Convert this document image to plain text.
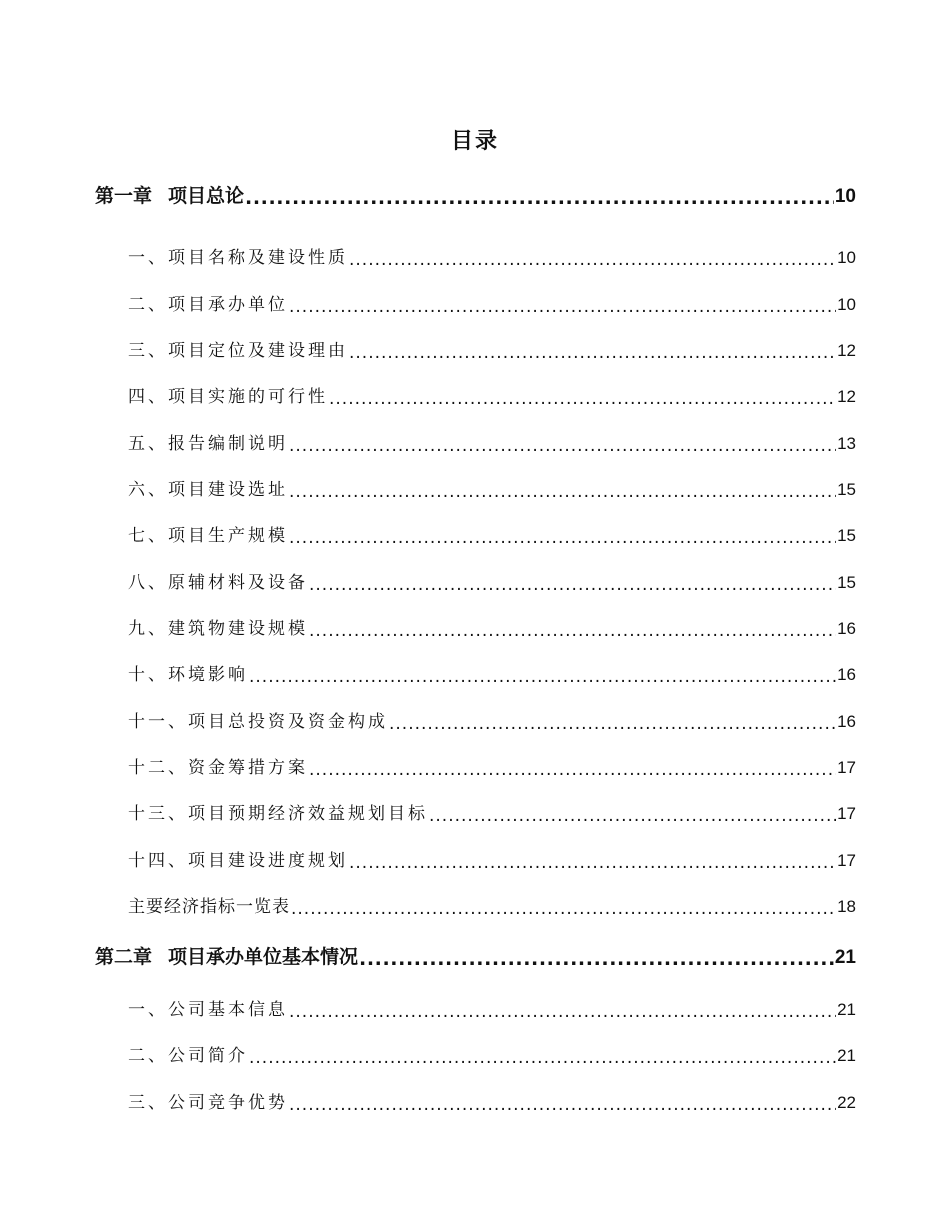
目录
第一章 项目总论 .....	10
一、 项目名称及建设性质 .....	10
二、 项目承办单位 .....	10
三、 项目定位及建设理由 .....	12
四、 项目实施的可行性 .....	12
五、 报告编制说明 .....	13
六、 项目建设选址 .....	15
七、 项目生产规模 .....	15
八、 原辅材料及设备 .....	15
九、 建筑物建设规模 .....	16
十、 环境影响 .....	16
十一、 项目总投资及资金构成 .....	16
十二、 资金筹措方案 .....	17
十三、 项目预期经济效益规划目标 .....	17
十四、 项目建设进度规划 .....	17
主要经济指标一览表 .....	18
第二章 项目承办单位基本情况 .....	21
一、 公司基本信息 .....	21
二、 公司简介 .....	21
三、 公司竞争优势 .....	22
